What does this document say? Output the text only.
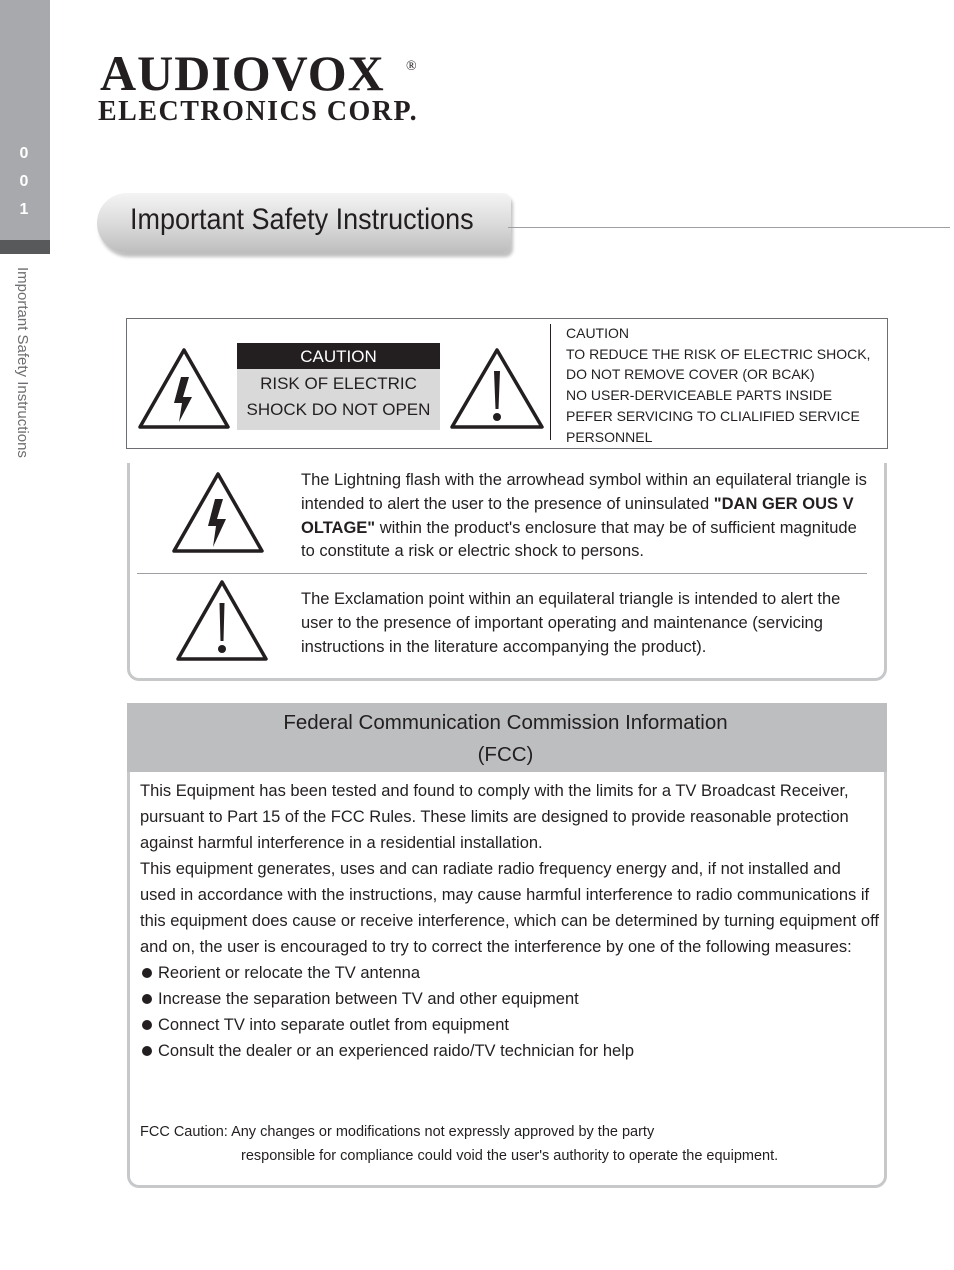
0
0
1
Important Safety Instructions
AUDIOVOX ®
ELECTRONICS CORP.
Important Safety Instructions
CAUTION
RISK OF ELECTRIC
SHOCK DO NOT OPEN
CAUTION
TO REDUCE THE RISK OF ELECTRIC SHOCK,
DO NOT REMOVE COVER (OR BCAK)
NO USER-DERVICEABLE PARTS INSIDE
PEFER SERVICING TO CLIALIFIED SERVICE
PERSONNEL
The Lightning flash with the arrowhead symbol within an equilateral triangle is intended to alert the user to the presence of uninsulated "DAN GER OUS V OLTAGE" within the product's enclosure that may be of sufficient magnitude to constitute a risk or electric shock to persons.
The Exclamation point within an equilateral triangle is intended to alert the user to the presence of important operating and maintenance (servicing instructions in the literature accompanying the product).
Federal Communication Commission Information
(FCC)

This Equipment has been tested and found to comply with the limits for a TV Broadcast Receiver, pursuant to Part 15 of the FCC Rules. These limits are designed to provide reasonable protection against harmful interference in a residential installation.

This equipment generates, uses and can radiate radio frequency energy and, if not installed and used in accordance with the instructions, may cause harmful interference to radio communications if this equipment does cause or receive interference, which can be determined by turning equipment off and on, the user is encouraged to try to correct the interference by one of the following measures:

Reorient or relocate the TV antenna
Increase the separation between TV and other equipment
Connect TV into separate outlet from equipment
Consult the dealer or an experienced raido/TV technician for help
FCC Caution: Any changes or modifications not expressly approved by the party
responsible for compliance could void the user's authority to operate the equipment.
